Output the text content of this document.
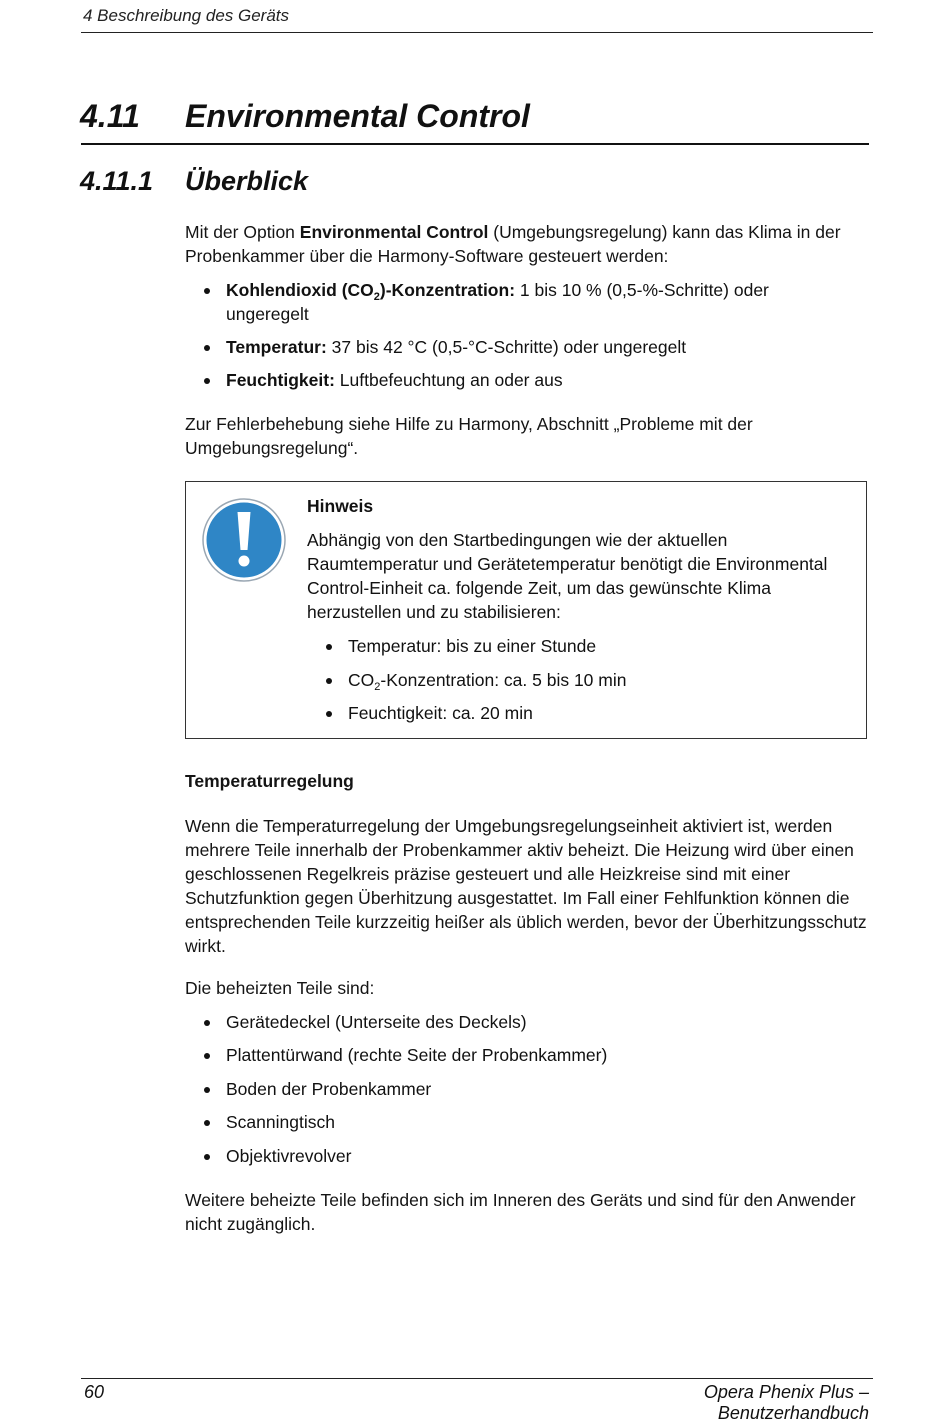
4 Beschreibung des Geräts
4.11 Environmental Control
4.11.1 Überblick
Mit der Option Environmental Control (Umgebungsregelung) kann das Klima in der Probenkammer über die Harmony-Software gesteuert werden:
Kohlendioxid $(CO_2)$-Konzentration: 1 bis 10 % (0,5-%-Schritte) oder ungeregelt
Temperatur: 37 bis 42 °C (0,5-°C-Schritte) oder ungeregelt
Feuchtigkeit: Luftbefeuchtung an oder aus
Zur Fehlerbehebung siehe Hilfe zu Harmony, Abschnitt „Probleme mit der Umgebungsregelung“.
Hinweis
Abhängig von den Startbedingungen wie der aktuellen Raumtemperatur und Gerätetemperatur benötigt die Environmental Control-Einheit ca. folgende Zeit, um das gewünschte Klima herzustellen und zu stabilisieren:
Temperatur: bis zu einer Stunde
$CO_2$-Konzentration: ca. 5 bis 10 min
Feuchtigkeit: ca. 20 min
Temperaturregelung
Wenn die Temperaturregelung der Umgebungsregelungseinheit aktiviert ist, werden mehrere Teile innerhalb der Probenkammer aktiv beheizt. Die Heizung wird über einen geschlossenen Regelkreis präzise gesteuert und alle Heizkreise sind mit einer Schutzfunktion gegen Überhitzung ausgestattet. Im Fall einer Fehlfunktion können die entsprechenden Teile kurzzeitig heißer als üblich werden, bevor der Überhitzungsschutz wirkt.
Die beheizten Teile sind:
Gerätedeckel (Unterseite des Deckels)
Plattentürwand (rechte Seite der Probenkammer)
Boden der Probenkammer
Scanningtisch
Objektivrevolver
Weitere beheizte Teile befinden sich im Inneren des Geräts und sind für den Anwender nicht zugänglich.
60	Opera Phenix Plus – Benutzerhandbuch
